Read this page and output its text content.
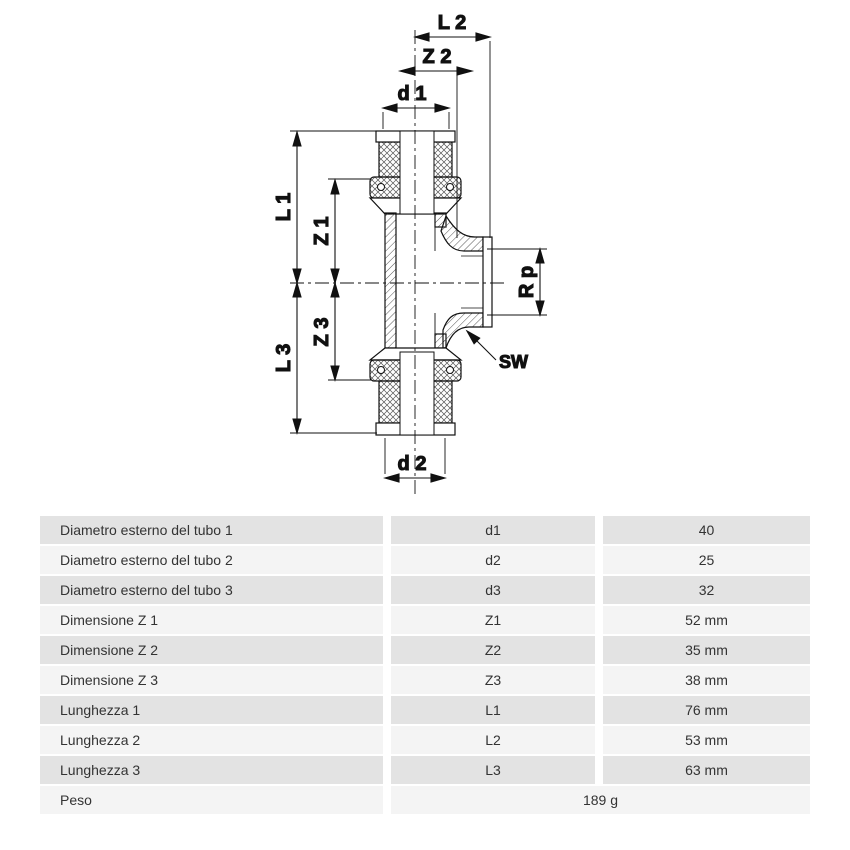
L 2
Z 2
d 1
L 1
Z 1
L 3
Z 3
R p
SW
d 2
Diametro esterno del tubo 1	d1	40
Diametro esterno del tubo 2	d2	25
Diametro esterno del tubo 3	d3	32
Dimensione Z 1	Z1	52 mm
Dimensione Z 2	Z2	35 mm
Dimensione Z 3	Z3	38 mm
Lunghezza 1	L1	76 mm
Lunghezza 2	L2	53 mm
Lunghezza 3	L3	63 mm
Peso	189 g
